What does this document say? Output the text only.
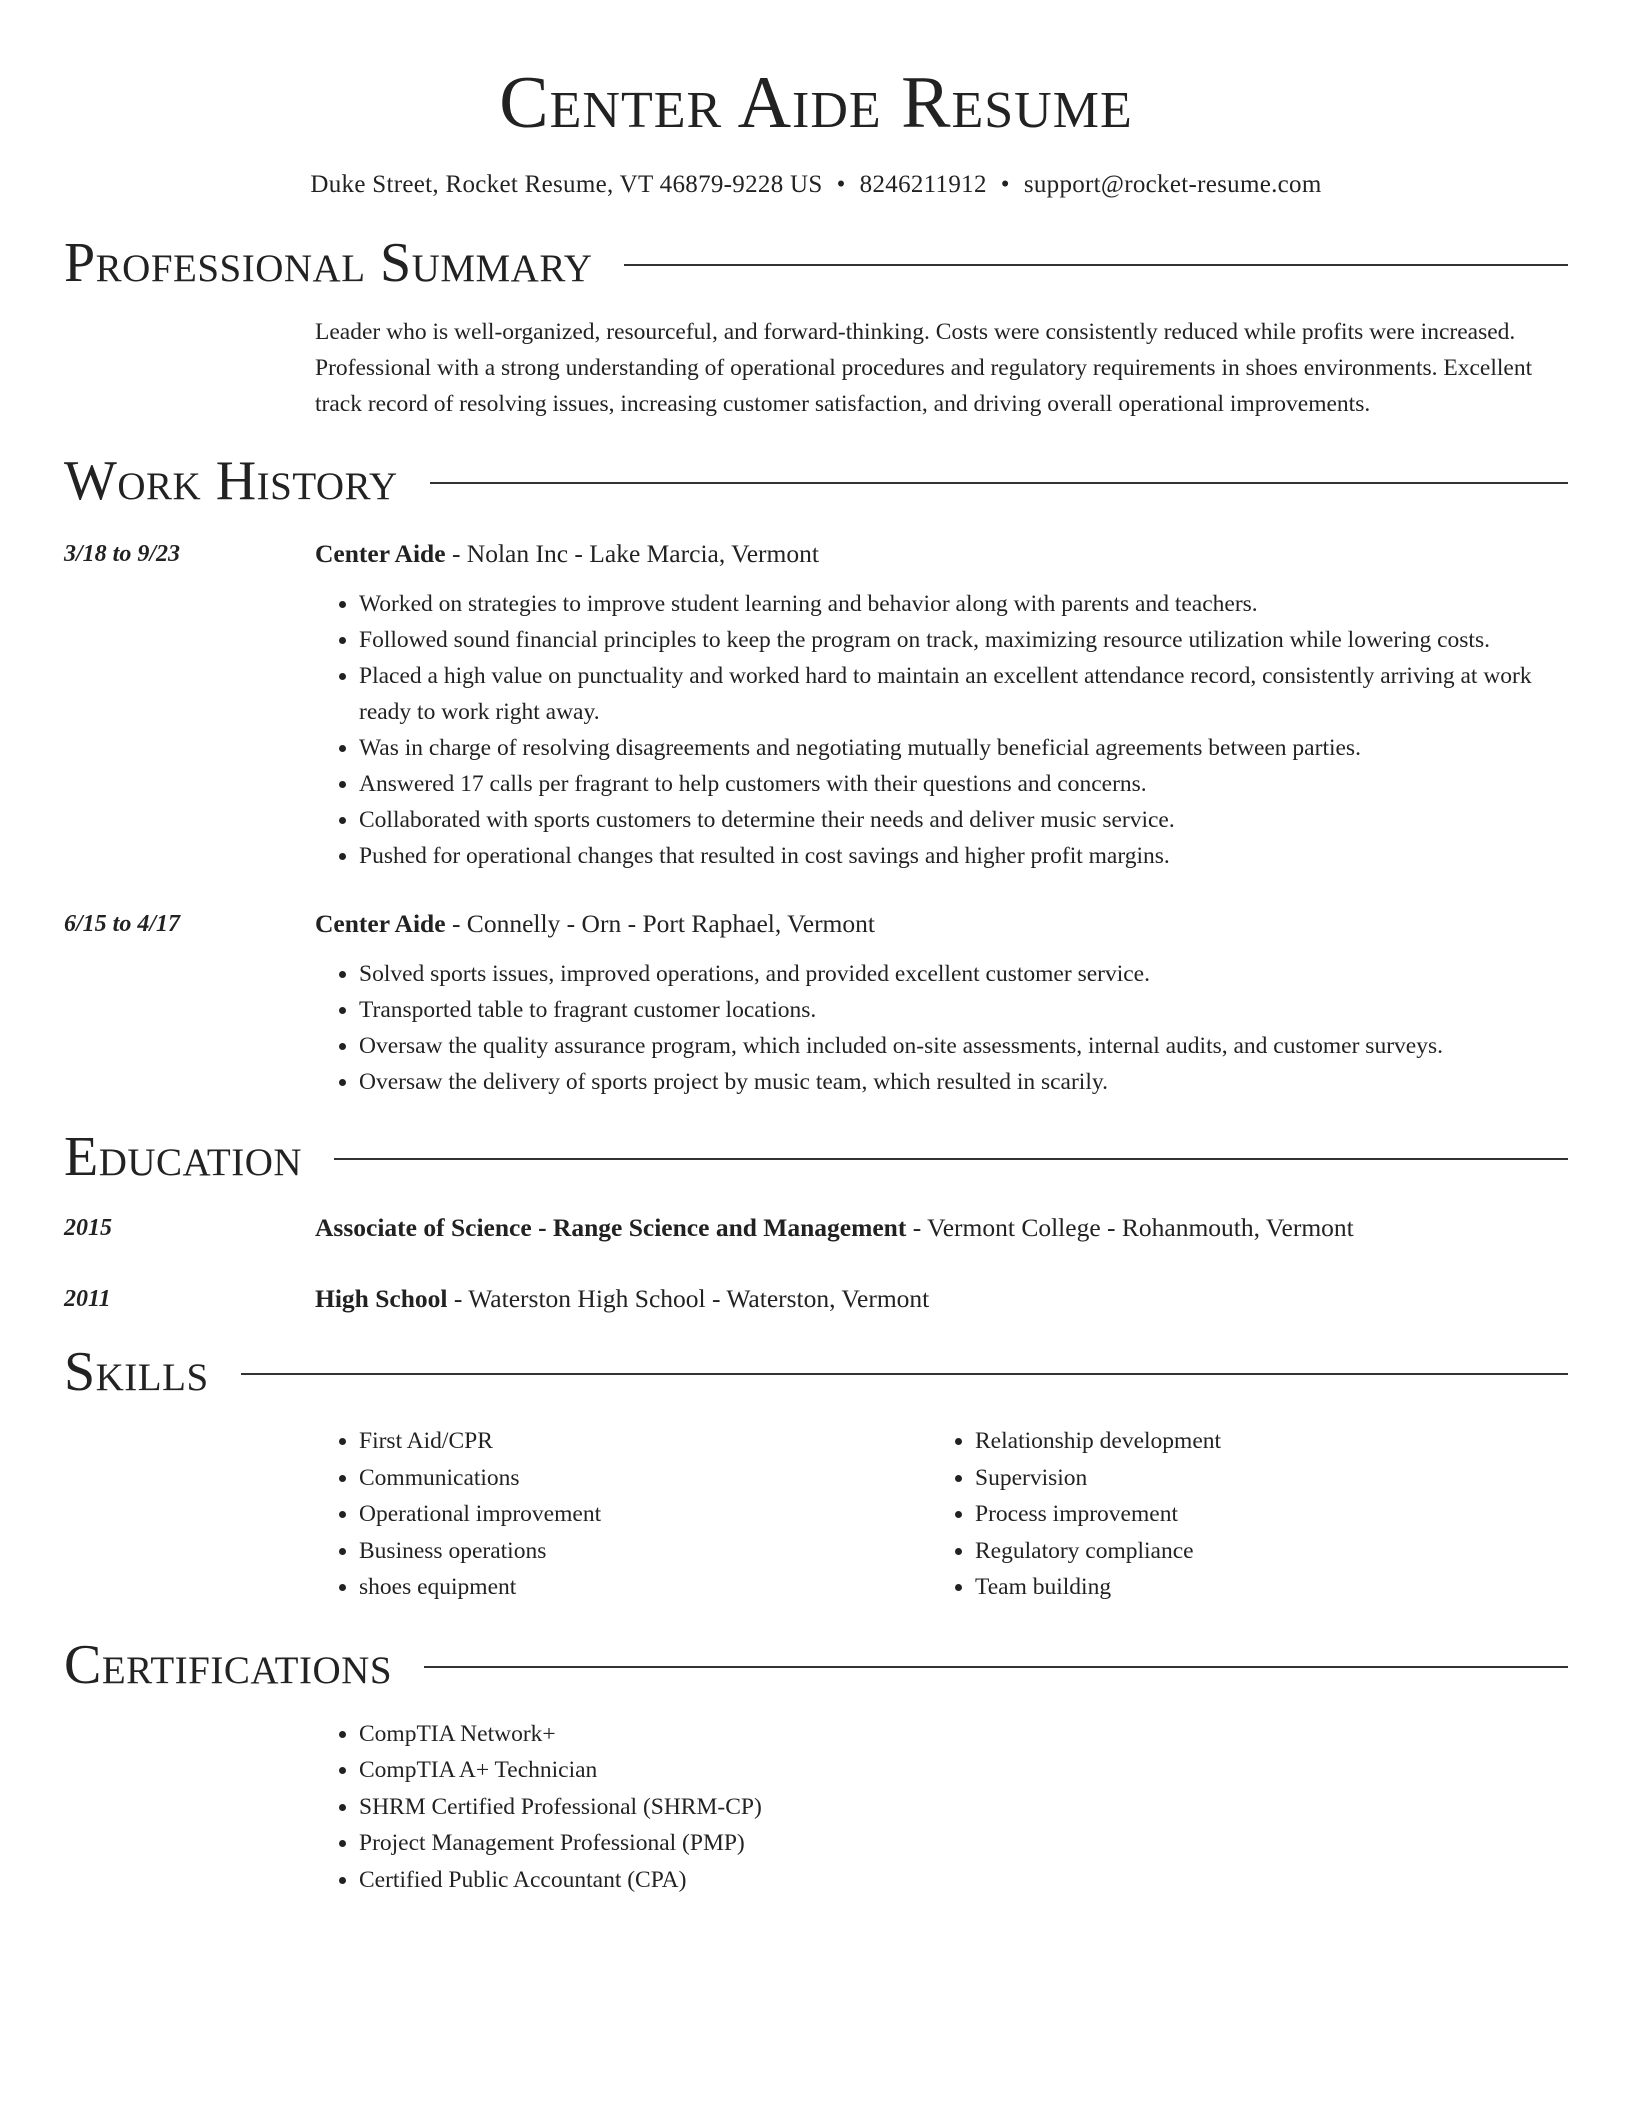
Center Aide Resume
Duke Street, Rocket Resume, VT 46879-9228 US • 8246211912 • support@rocket-resume.com
Professional Summary
Leader who is well-organized, resourceful, and forward-thinking. Costs were consistently reduced while profits were increased. Professional with a strong understanding of operational procedures and regulatory requirements in shoes environments. Excellent track record of resolving issues, increasing customer satisfaction, and driving overall operational improvements.
Work History
3/18 to 9/23	Center Aide - Nolan Inc - Lake Marcia, Vermont
• Worked on strategies to improve student learning and behavior along with parents and teachers.
• Followed sound financial principles to keep the program on track, maximizing resource utilization while lowering costs.
• Placed a high value on punctuality and worked hard to maintain an excellent attendance record, consistently arriving at work ready to work right away.
• Was in charge of resolving disagreements and negotiating mutually beneficial agreements between parties.
• Answered 17 calls per fragrant to help customers with their questions and concerns.
• Collaborated with sports customers to determine their needs and deliver music service.
• Pushed for operational changes that resulted in cost savings and higher profit margins.
6/15 to 4/17	Center Aide - Connelly - Orn - Port Raphael, Vermont
• Solved sports issues, improved operations, and provided excellent customer service.
• Transported table to fragrant customer locations.
• Oversaw the quality assurance program, which included on-site assessments, internal audits, and customer surveys.
• Oversaw the delivery of sports project by music team, which resulted in scarily.
Education
2015	Associate of Science - Range Science and Management - Vermont College - Rohanmouth, Vermont
2011	High School - Waterston High School - Waterston, Vermont
Skills
• First Aid/CPR
• Communications
• Operational improvement
• Business operations
• shoes equipment
• Relationship development
• Supervision
• Process improvement
• Regulatory compliance
• Team building
Certifications
• CompTIA Network+
• CompTIA A+ Technician
• SHRM Certified Professional (SHRM-CP)
• Project Management Professional (PMP)
• Certified Public Accountant (CPA)
